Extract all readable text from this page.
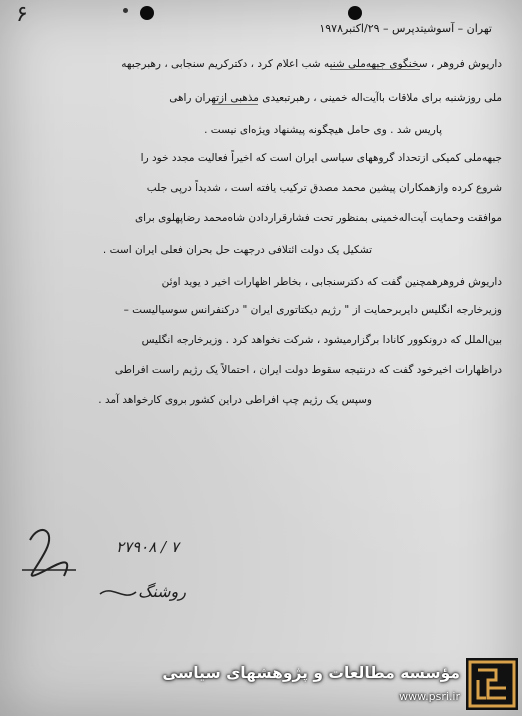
۶
تهران – آسوشیتدپرس – ۲۹/اکتبر۱۹۷۸
داریوش فروهر ، سخنگوی جبهه‌ملی شنبه شب اعلام کرد ، دکترکریم سنجابی ، رهبرجبهه
ملی روزشنبه برای ملاقات باآیت‌اله خمینی ، رهبرتبعیدی مذهبی ازتهران راهی
پاریس شد . وی حامل هیچگونه پیشنهاد ویژه‌ای نیست .
جبهه‌ملی کمیکی ازتحداد گروههای سیاسی ایران است که اخیراً فعالیت مجدد خود را
شروع کرده وازهمکاران پیشین محمد مصدق ترکیب یافته است ، شدیداً درپی جلب
موافقت وحمایت آیت‌اله‌خمینی بمنظور تحت فشارقراردادن شاه‌محمد رضاپهلوی برای
تشکیل یک دولت ائتلافی درجهت حل بحران فعلی ایران است .
داریوش فروهرهمچنین گفت که دکترسنجابی ، بخاطر اظهارات اخیر د یوید اوئن
وزیرخارجه انگلیس دایربرحمایت از " رژیم دیکتاتوری ایران " درکنفرانس سوسیالیست –
بین‌الملل که درونکوور کانادا برگزارمیشود ، شرکت نخواهد کرد . وزیرخارجه انگلیس
دراظهارات اخیرخود گفت که درنتیجه سقوط دولت ایران ، احتمالاً یک رژیم راست افراطی
وسپس یک رژیم چپ افراطی دراین کشور بروی کارخواهد آمد .
۲۷۹۰۸ / ۷
روشنگ
مؤسسه مطالعات و پژوهشهای سیاسی
www.psri.ir
